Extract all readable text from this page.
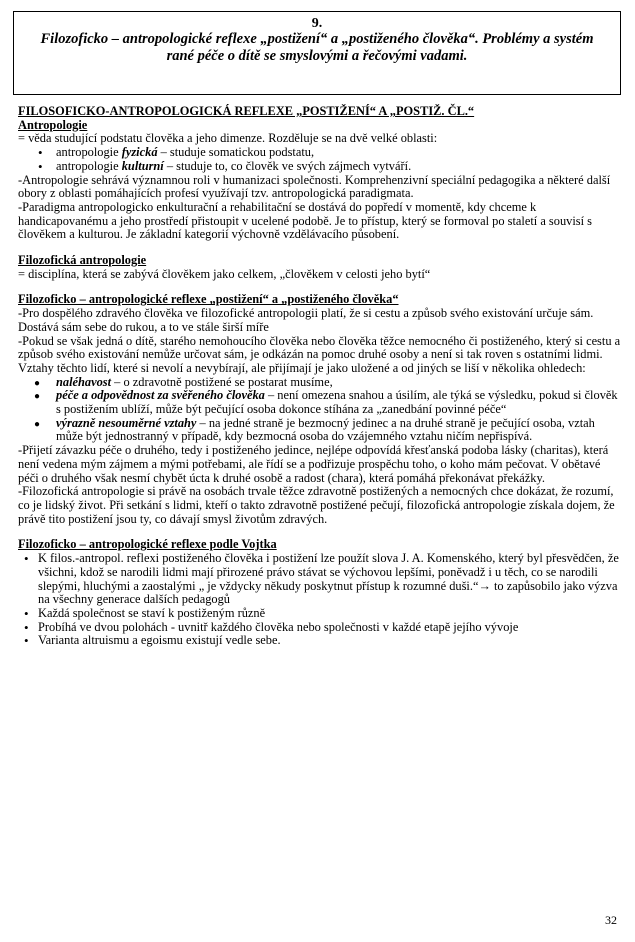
9.
Filozoficko – antropologické reflexe „postižení“ a „postiženého člověka“. Problémy a systém rané péče o dítě se smyslovými a řečovými vadami.

FILOSOFICKO-ANTROPOLOGICKÁ REFLEXE „POSTIŽENÍ“ A „POSTIŽ. ČL.“

Antropologie

= věda studující podstatu člověka a jeho dimenze. Rozděluje se na dvě velké oblasti:

• antropologie fyzická – studuje somatickou podstatu,
• antropologie kulturní – studuje to, co člověk ve svých zájmech vytváří.

-Antropologie sehrává významnou roli v humanizaci společnosti. Komprehenzivní speciální pedagogika a některé další obory z oblasti pomáhajících profesí využívají tzv. antropologická paradigmata.

-Paradigma antropologicko enkulturační a rehabilitační se dostává do popředí v momentě, kdy chceme k handicapovanému a jeho prostředí přistoupit v ucelené podobě. Je to přístup, který se formoval po staletí a souvisí s člověkem a kulturou. Je základní kategorií výchovně vzdělávacího působení.

Filozofická antropologie

= disciplína, která se zabývá člověkem jako celkem, „člověkem v celosti jeho bytí“

Filozoficko – antropologické reflexe „postižení“ a „postiženého člověka“

-Pro dospělého zdravého člověka ve filozofické antropologii platí, že si cestu a způsob svého existování určuje sám. Dostává sám sebe do rukou, a to ve stále širší míře

-Pokud se však jedná o dítě, starého nemohoucího člověka nebo člověka těžce nemocného či postiženého, který si cestu a způsob svého existování nemůže určovat sám, je odkázán na pomoc druhé osoby a není si tak roven s ostatními lidmi.

Vztahy těchto lidí, které si nevolí a nevybírají, ale přijímají je jako uložené a od jiných se liší v několika ohledech:

● naléhavost – o zdravotně postižené se postarat musíme,
● péče a odpovědnost za svěřeného člověka – není omezena snahou a úsilím, ale týká se výsledku, pokud si člověk s postižením ublíží, může být pečující osoba dokonce stíhána za „zanedbání povinné péče“
● výrazně nesouměrné vztahy – na jedné straně je bezmocný jedinec a na druhé straně je pečující osoba, vztah může být jednostranný v případě, kdy bezmocná osoba do vzájemného vztahu ničím nepřispívá.

-Přijetí závazku péče o druhého, tedy i postiženého jedince, nejlépe odpovídá křesťanská podoba lásky (charitas), která není vedena mým zájmem a mými potřebami, ale řídí se a podřizuje prospěchu toho, o koho mám pečovat. V obětavé péči o druhého však nesmí chybět úcta k druhé osobě a radost (chara), která pomáhá překonávat překážky.

-Filozofická antropologie si právě na osobách trvale těžce zdravotně postižených a nemocných chce dokázat, že rozumí, co je lidský život. Při setkání s lidmi, kteří o takto zdravotně postižené pečují, filozofická antropologie získala dojem, že právě tito postižení jsou ty, co dávají smysl životům zdravých.

Filozoficko – antropologické reflexe podle Vojtka

• K filos.-antropol. reflexi postiženého člověka i postižení lze použít slova J. A. Komenského, který byl přesvědčen, že všichni, kdož se narodili lidmi mají přirozené právo stávat se výchovou lepšími, poněvadž i u těch, co se narodili slepými, hluchými a zaostalými „ je vždycky někudy poskytnut přístup k rozumné duši.“→ to zapůsobilo jako výzva na všechny generace dalších pedagogů
• Každá společnost se staví k postiženým různě
• Probíhá ve dvou polohách - uvnitř každého člověka nebo společnosti v každé etapě jejího vývoje
• Varianta altruismu a egoismu existují vedle sebe.
32
